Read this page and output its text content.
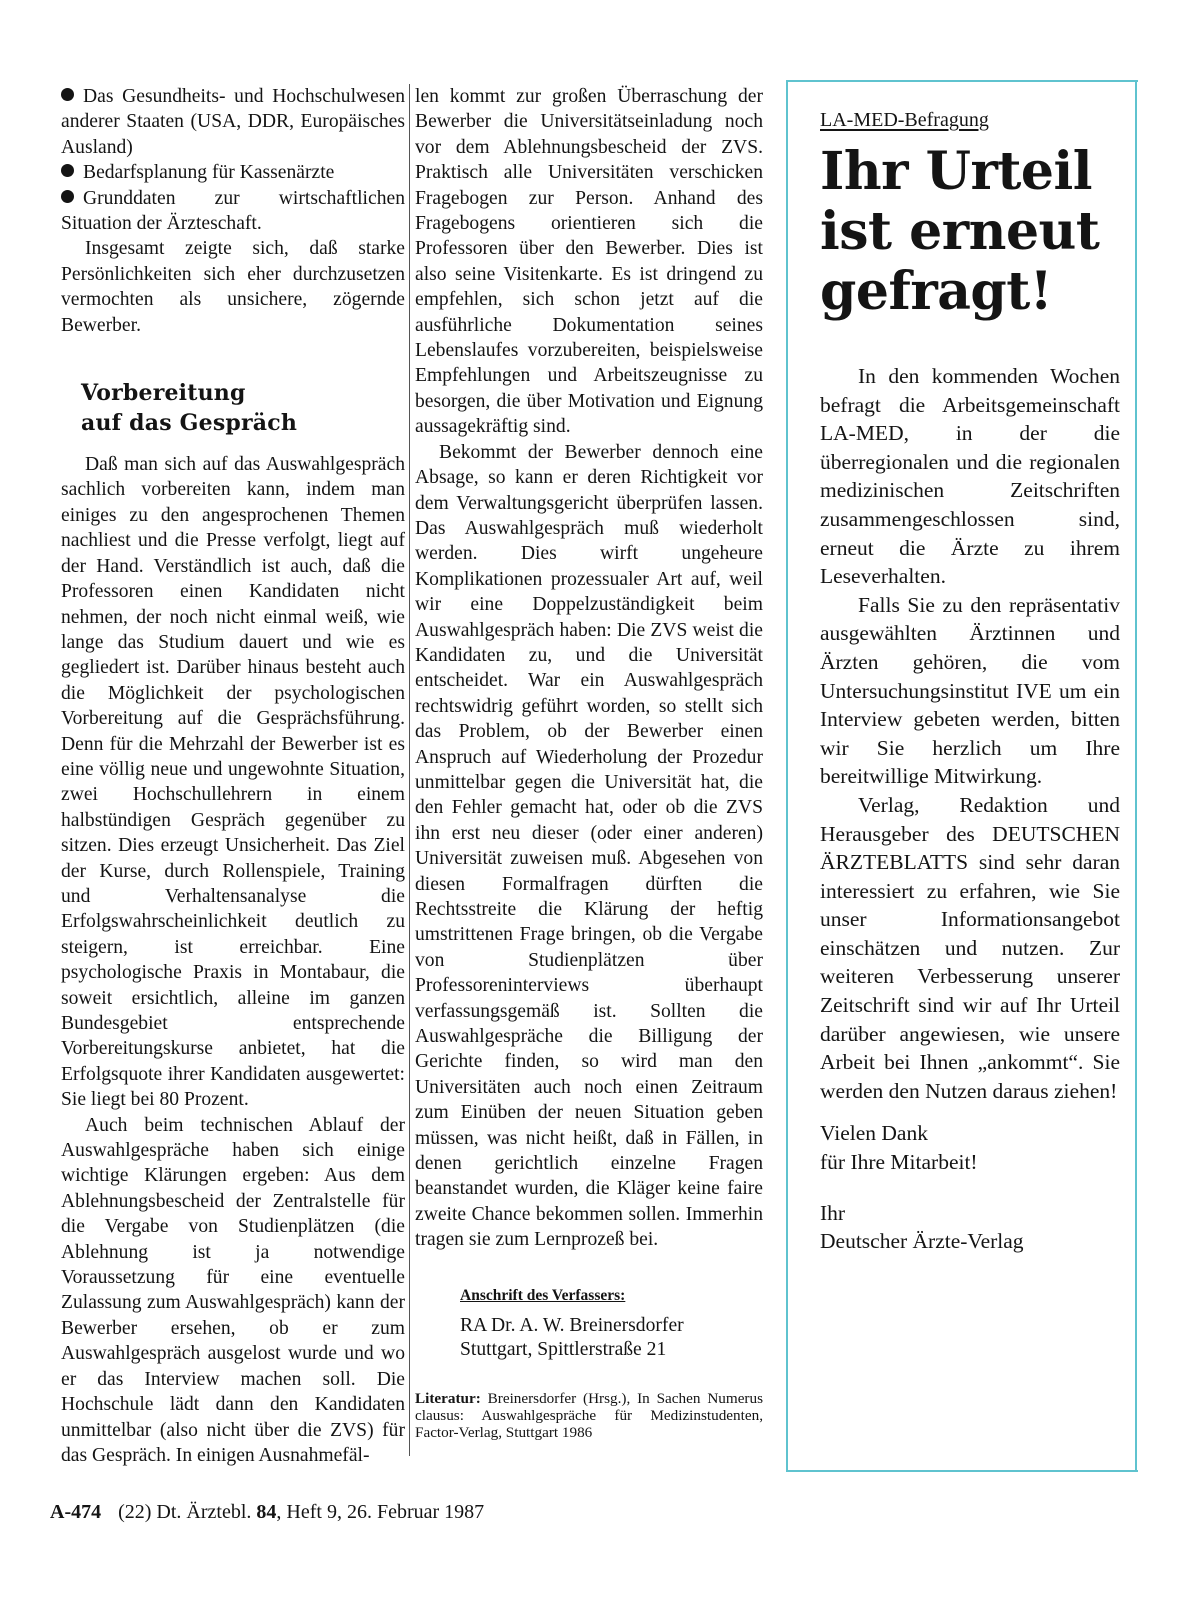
Das Gesundheits- und Hochschulwesen anderer Staaten (USA, DDR, Europäisches Ausland)

Bedarfsplanung für Kassenärzte

Grunddaten zur wirtschaftlichen Situation der Ärzteschaft.

Insgesamt zeigte sich, daß starke Persönlichkeiten sich eher durchzusetzen vermochten als unsichere, zögernde Bewerber.

Vorbereitung
auf das Gespräch

Daß man sich auf das Auswahlgespräch sachlich vorbereiten kann, indem man einiges zu den angesprochenen Themen nachliest und die Presse verfolgt, liegt auf der Hand. Verständlich ist auch, daß die Professoren einen Kandidaten nicht nehmen, der noch nicht einmal weiß, wie lange das Studium dauert und wie es gegliedert ist. Darüber hinaus besteht auch die Möglichkeit der psychologischen Vorbereitung auf die Gesprächsführung. Denn für die Mehrzahl der Bewerber ist es eine völlig neue und ungewohnte Situation, zwei Hochschullehrern in einem halbstündigen Gespräch gegenüber zu sitzen. Dies erzeugt Unsicherheit. Das Ziel der Kurse, durch Rollenspiele, Training und Verhaltensanalyse die Erfolgswahrscheinlichkeit deutlich zu steigern, ist erreichbar. Eine psychologische Praxis in Montabaur, die soweit ersichtlich, alleine im ganzen Bundesgebiet entsprechende Vorbereitungskurse anbietet, hat die Erfolgsquote ihrer Kandidaten ausgewertet: Sie liegt bei 80 Prozent.

Auch beim technischen Ablauf der Auswahlgespräche haben sich einige wichtige Klärungen ergeben: Aus dem Ablehnungsbescheid der Zentralstelle für die Vergabe von Studienplätzen (die Ablehnung ist ja notwendige Voraussetzung für eine eventuelle Zulassung zum Auswahlgespräch) kann der Bewerber ersehen, ob er zum Auswahlgespräch ausgelost wurde und wo er das Interview machen soll. Die Hochschule lädt dann den Kandidaten unmittelbar (also nicht über die ZVS) für das Gespräch. In einigen Ausnahmefäl-

len kommt zur großen Überraschung der Bewerber die Universitätseinladung noch vor dem Ablehnungsbescheid der ZVS. Praktisch alle Universitäten verschicken Fragebogen zur Person. Anhand des Fragebogens orientieren sich die Professoren über den Bewerber. Dies ist also seine Visitenkarte. Es ist dringend zu empfehlen, sich schon jetzt auf die ausführliche Dokumentation seines Lebenslaufes vorzubereiten, beispielsweise Empfehlungen und Arbeitszeugnisse zu besorgen, die über Motivation und Eignung aussagekräftig sind.

Bekommt der Bewerber dennoch eine Absage, so kann er deren Richtigkeit vor dem Verwaltungsgericht überprüfen lassen. Das Auswahlgespräch muß wiederholt werden. Dies wirft ungeheure Komplikationen prozessualer Art auf, weil wir eine Doppelzuständigkeit beim Auswahlgespräch haben: Die ZVS weist die Kandidaten zu, und die Universität entscheidet. War ein Auswahlgespräch rechtswidrig geführt worden, so stellt sich das Problem, ob der Bewerber einen Anspruch auf Wiederholung der Prozedur unmittelbar gegen die Universität hat, die den Fehler gemacht hat, oder ob die ZVS ihn erst neu dieser (oder einer anderen) Universität zuweisen muß. Abgesehen von diesen Formalfragen dürften die Rechtsstreite die Klärung der heftig umstrittenen Frage bringen, ob die Vergabe von Studienplätzen über Professoreninterviews überhaupt verfassungsgemäß ist. Sollten die Auswahlgespräche die Billigung der Gerichte finden, so wird man den Universitäten auch noch einen Zeitraum zum Einüben der neuen Situation geben müssen, was nicht heißt, daß in Fällen, in denen gerichtlich einzelne Fragen beanstandet wurden, die Kläger keine faire zweite Chance bekommen sollen. Immerhin tragen sie zum Lernprozeß bei.

Anschrift des Verfassers:
RA Dr. A. W. Breinersdorfer
Stuttgart, Spittlerstraße 21

Literatur: Breinersdorfer (Hrsg.), In Sachen Numerus clausus: Auswahlgespräche für Medizinstudenten, Factor-Verlag, Stuttgart 1986

LA-MED-Befragung
Ihr Urteil
ist erneut
gefragt!

In den kommenden Wochen befragt die Arbeitsgemeinschaft LA-MED, in der die überregionalen und die regionalen medizinischen Zeitschriften zusammengeschlossen sind, erneut die Ärzte zu ihrem Leseverhalten.

Falls Sie zu den repräsentativ ausgewählten Ärztinnen und Ärzten gehören, die vom Untersuchungsinstitut IVE um ein Interview gebeten werden, bitten wir Sie herzlich um Ihre bereitwillige Mitwirkung.

Verlag, Redaktion und Herausgeber des DEUTSCHEN ÄRZTEBLATTS sind sehr daran interessiert zu erfahren, wie Sie unser Informationsangebot einschätzen und nutzen. Zur weiteren Verbesserung unserer Zeitschrift sind wir auf Ihr Urteil darüber angewiesen, wie unsere Arbeit bei Ihnen „ankommt“. Sie werden den Nutzen daraus ziehen!

Vielen Dank
für Ihre Mitarbeit!

Ihr
Deutscher Ärzte-Verlag

A-474 (22) Dt. Ärztebl. 84, Heft 9, 26. Februar 1987
